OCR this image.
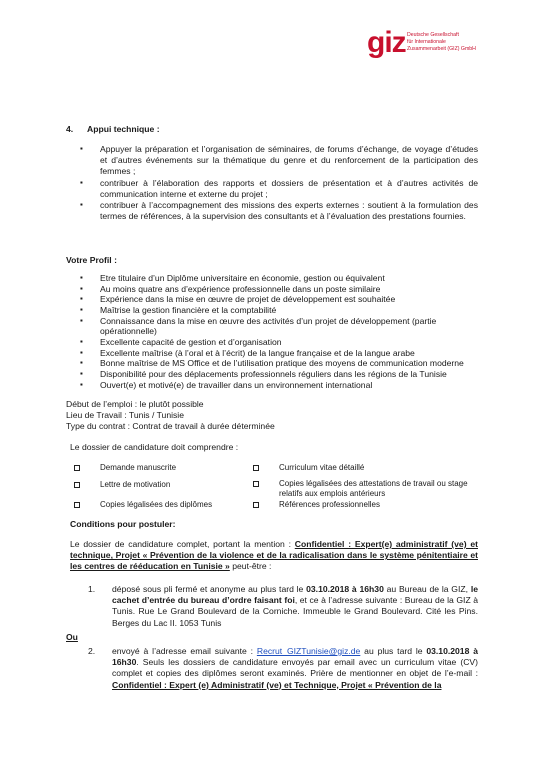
giz Deutsche Gesellschaft
für Internationale
Zusammenarbeit (GIZ) GmbH
4. Appui technique :
▪ Appuyer la préparation et l’organisation de séminaires, de forums d’échange, de voyage d’études et d’autres événements sur la thématique du genre et du renforcement de la participation des femmes ;
▪ contribuer à l’élaboration des rapports et dossiers de présentation et à d’autres activités de communication interne et externe du projet ;
▪ contribuer à l’accompagnement des missions des experts externes : soutient à la formulation des termes de références, à la supervision des consultants et à l’évaluation des prestations fournies.
Votre Profil :
▪ Etre titulaire d’un Diplôme universitaire en économie, gestion ou équivalent
▪ Au moins quatre ans d’expérience professionnelle dans un poste similaire
▪ Expérience dans la mise en œuvre de projet de développement est souhaitée
▪ Maîtrise la gestion financière et la comptabilité
▪ Connaissance dans la mise en œuvre des activités d’un projet de développement (partie opérationnelle)
▪ Excellente capacité de gestion et d’organisation
▪ Excellente maîtrise (à l’oral et à l’écrit) de la langue française et de la langue arabe
▪ Bonne maîtrise de MS Office et de l’utilisation pratique des moyens de communication moderne
▪ Disponibilité pour des déplacements professionnels réguliers dans les régions de la Tunisie
▪ Ouvert(e) et motivé(e) de travailler dans un environnement international
Début de l’emploi : le plutôt possible
Lieu de Travail : Tunis / Tunisie
Type du contrat : Contrat de travail à durée déterminée
Le dossier de candidature doit comprendre :
Demande manuscrite
Lettre de motivation
Copies légalisées des diplômes
Curriculum vitae détaillé
Copies légalisées des attestations de travail ou stage relatifs aux emplois antérieurs
Références professionnelles
Conditions pour postuler:
Le dossier de candidature complet, portant la mention : Confidentiel : Expert(e) administratif (ve) et technique, Projet « Prévention de la violence et de la radicalisation dans le système pénitentiaire et les centres de rééducation en Tunisie » peut-être :
1. déposé sous pli fermé et anonyme au plus tard le 03.10.2018 à 16h30 au Bureau de la GIZ, le cachet d’entrée du bureau d’ordre faisant foi, et ce à l’adresse suivante : Bureau de la GIZ à Tunis. Rue Le Grand Boulevard de la Corniche. Immeuble le Grand Boulevard. Cité les Pins. Berges du Lac II. 1053 Tunis
Ou
2. envoyé à l’adresse email suivante : Recrut_GIZTunisie@giz.de au plus tard le 03.10.2018 à 16h30. Seuls les dossiers de candidature envoyés par email avec un curriculum vitae (CV) complet et copies des diplômes seront examinés. Prière de mentionner en objet de l’e-mail : Confidentiel : Expert (e) Administratif (ve) et Technique, Projet « Prévention de la
